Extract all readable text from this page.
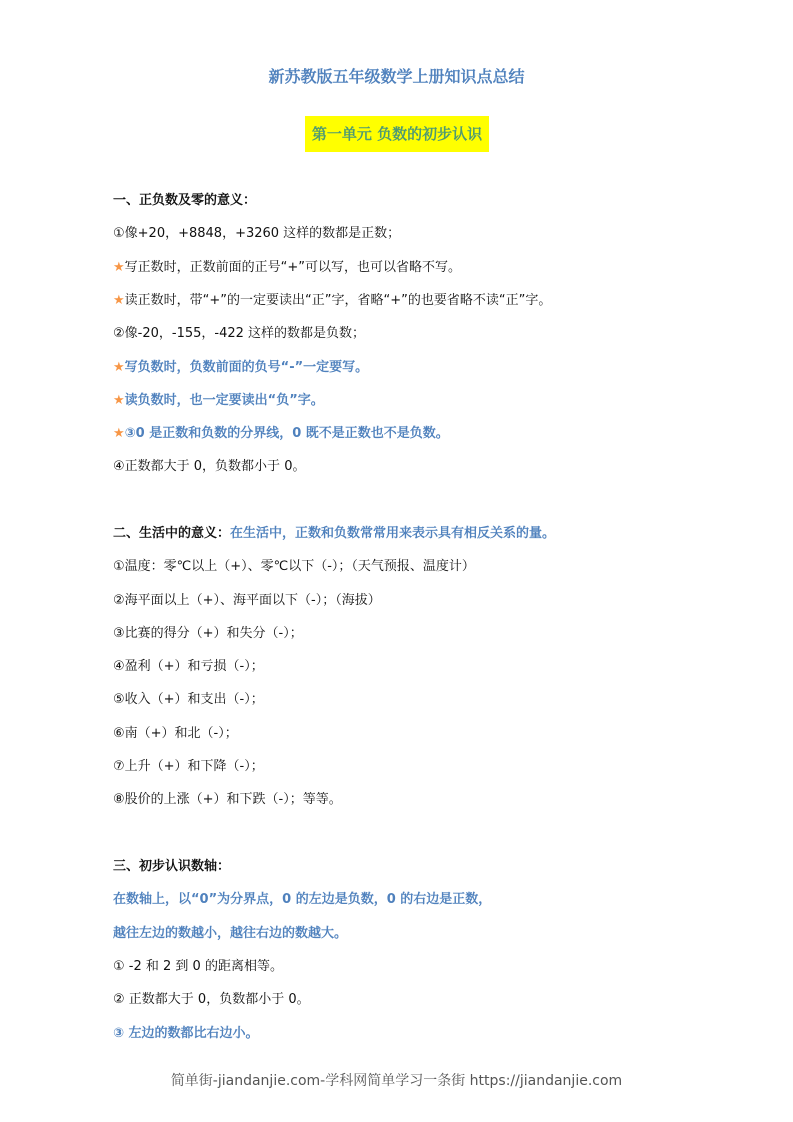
新苏教版五年级数学上册知识点总结
第一单元 负数的初步认识
一、正负数及零的意义：
①像+20，+8848，+3260 这样的数都是正数；
★写正数时，正数前面的正号“+”可以写，也可以省略不写。
★读正数时，带“+”的一定要读出“正”字，省略“+”的也要省略不读“正”字。
②像-20，-155，-422 这样的数都是负数；
★写负数时，负数前面的负号“-”一定要写。
★读负数时，也一定要读出“负”字。
★③0 是正数和负数的分界线，0 既不是正数也不是负数。
④正数都大于 0，负数都小于 0。
二、生活中的意义：在生活中，正数和负数常常用来表示具有相反关系的量。
①温度：零℃以上（+）、零℃以下（-）；（天气预报、温度计）
②海平面以上（+）、海平面以下（-）；（海拔）
③比赛的得分（+）和失分（-）；
④盈利（+）和亏损（-）；
⑤收入（+）和支出（-）；
⑥南（+）和北（-）；
⑦上升（+）和下降（-）；
⑧股价的上涨（+）和下跌（-）；等等。
三、初步认识数轴：
在数轴上，以“0”为分界点，0 的左边是负数，0 的右边是正数，
越往左边的数越小，越往右边的数越大。
① -2 和 2 到 0 的距离相等。
② 正数都大于 0，负数都小于 0。
③ 左边的数都比右边小。
简单街-jiandanjie.com-学科网简单学习一条街 https://jiandanjie.com
